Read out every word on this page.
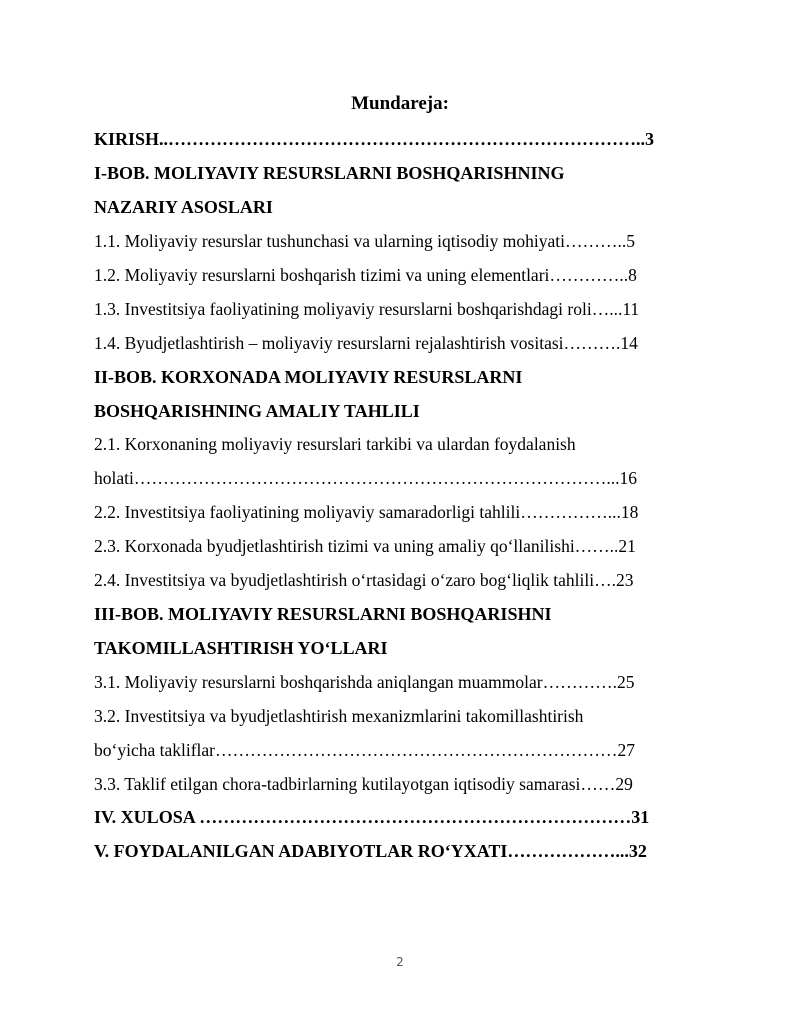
Mundareja:
KIRISH..……………………………………………………………………..3
I-BOB. MOLIYAVIY RESURSLARNI BOSHQARISHNING
NAZARIY ASOSLARI
1.1. Moliyaviy resurslar tushunchasi va ularning iqtisodiy mohiyati………..5
1.2. Moliyaviy resurslarni boshqarish tizimi va uning elementlari…………..8
1.3. Investitsiya faoliyatining moliyaviy resurslarni boshqarishdagi roli…...11
1.4. Byudjetlashtirish – moliyaviy resurslarni rejalashtirish vositasi……….14
II-BOB. KORXONADA MOLIYAVIY RESURSLARNI
BOSHQARISHNING AMALIY TAHLILI
2.1. Korxonaning moliyaviy resurslari tarkibi va ulardan foydalanish
holati………………………………………………………………………...16
2.2. Investitsiya faoliyatining moliyaviy samaradorligi tahlili……………...18
2.3. Korxonada byudjetlashtirish tizimi va uning amaliy qo‘llanilishi……..21
2.4. Investitsiya va byudjetlashtirish o‘rtasidagi o‘zaro bog‘liqlik tahlili….23
III-BOB. MOLIYAVIY RESURSLARNI BOSHQARISHNI
TAKOMILLASHTIRISH YO‘LLARI
3.1. Moliyaviy resurslarni boshqarishda aniqlangan muammolar………….25
3.2. Investitsiya va byudjetlashtirish mexanizmlarini takomillashtirish
bo‘yicha takliflar……………………………………………………………27
3.3. Taklif etilgan chora-tadbirlarning kutilayotgan iqtisodiy samarasi……29
IV. XULOSA ………………………………………………………………31
V. FOYDALANILGAN ADABIYOTLAR RO‘YXATI………………...32
2
